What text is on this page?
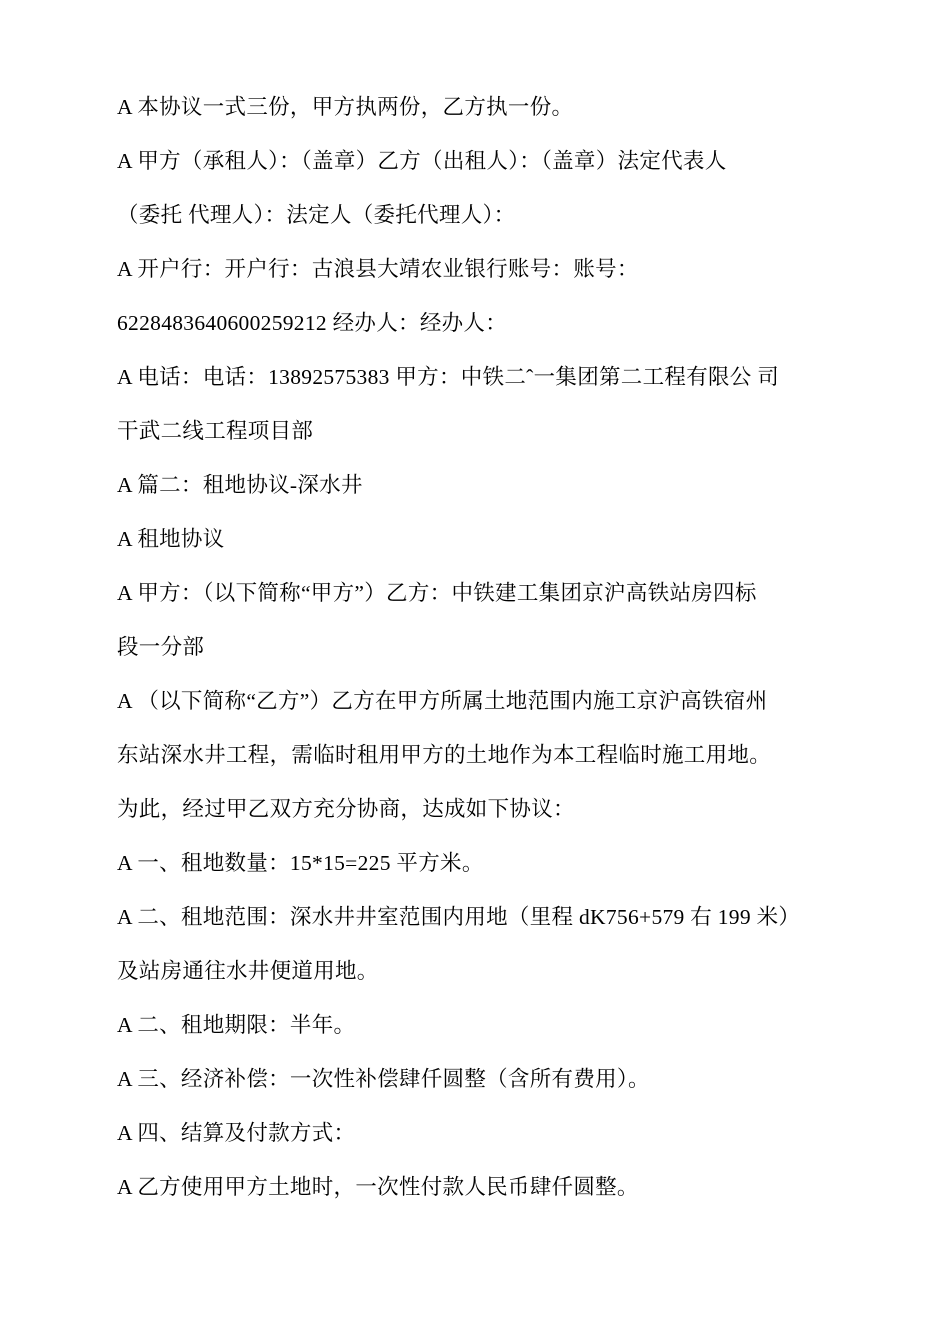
A 本协议一式三份，甲方执两份，乙方执一份。
A 甲方（承租人）：（盖章）乙方（出租人）：（盖章）法定代表人
（委托 代理人）：法定人（委托代理人）：
A 开户行：开户行：古浪县大靖农业银行账号：账号：
6228483640600259212 经办人：经办人：
A 电话：电话：13892575383 甲方：中铁二ˆ一集团第二工程有限公 司
干武二线工程项目部
A 篇二：租地协议-深水井
A 租地协议
A 甲方：（以下简称“甲方”）乙方：中铁建工集团京沪高铁站房四标
段一分部
A （以下简称“乙方”）乙方在甲方所属土地范围内施工京沪高铁宿州
东站深水井工程，需临时租用甲方的土地作为本工程临时施工用地。
为此，经过甲乙双方充分协商，达成如下协议：
A 一、租地数量：15*15=225 平方米。
A 二、租地范围：深水井井室范围内用地（里程 dK756+579 右 199 米）
及站房通往水井便道用地。
A 二、租地期限：半年。
A 三、经济补偿：一次性补偿肆仟圆整（含所有费用）。
A 四、结算及付款方式：
A 乙方使用甲方土地时，一次性付款人民币肆仟圆整。
